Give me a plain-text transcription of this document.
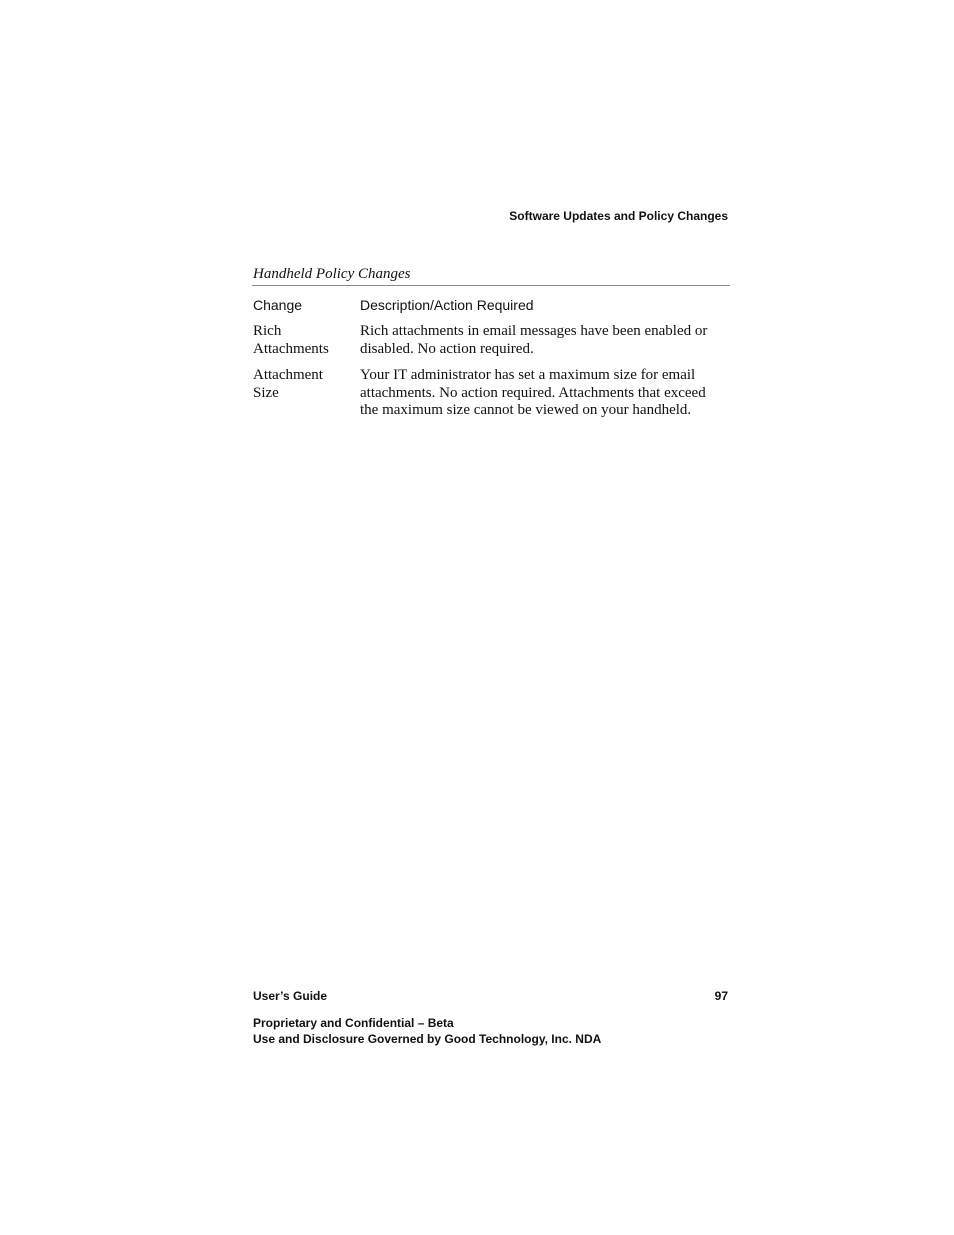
Software Updates and Policy Changes
Handheld Policy Changes
Change	Description/Action Required
Rich
Attachments
Rich attachments in email messages have been enabled or
disabled. No action required.
Attachment
Size
Your IT administrator has set a maximum size for email
attachments. No action required. Attachments that exceed
the maximum size cannot be viewed on your handheld.
User’s Guide	97
Proprietary and Confidential – Beta
Use and Disclosure Governed by Good Technology, Inc. NDA
